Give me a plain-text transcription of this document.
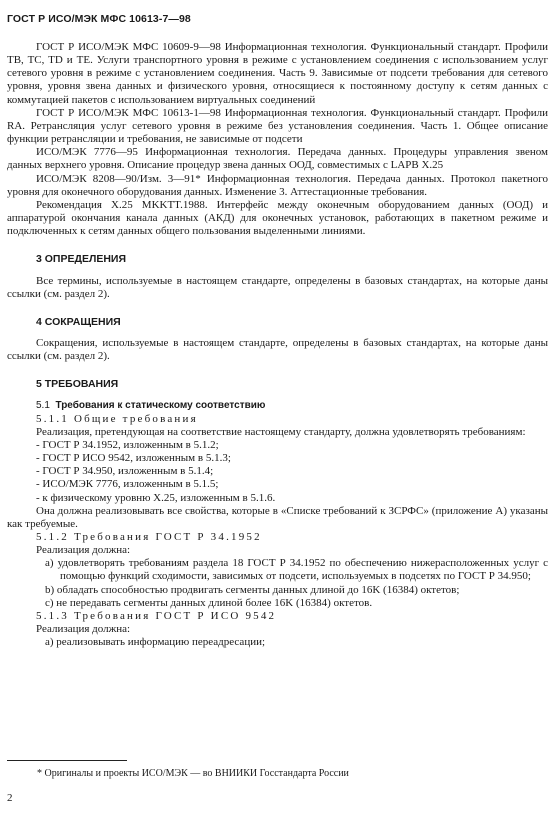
ГОСТ Р ИСО/МЭК МФС 10613-7—98

ГОСТ Р ИСО/МЭК МФС 10609-9—98 Информационная технология. Функциональный стандарт. Профили TB, TC, TD и TE. Услуги транспортного уровня в режиме с установлением соединения с использованием услуг сетевого уровня в режиме с установлением соединения. Часть 9. Зависимые от подсети требования для сетевого уровня, уровня звена данных и физического уровня, относящиеся к постоянному доступу к сетям данных с коммутацией пакетов с использованием виртуальных соединений

ГОСТ Р ИСО/МЭК МФС 10613-1—98 Информационная технология. Функциональный стандарт. Профили RA. Ретрансляция услуг сетевого уровня в режиме без установления соединения. Часть 1. Общее описание функции ретрансляции и требования, не зависимые от подсети

ИСО/МЭК 7776—95 Информационная технология. Передача данных. Процедуры управления звеном данных верхнего уровня. Описание процедур звена данных ООД, совместимых с LAPB X.25

ИСО/МЭК 8208—90/Изм. 3—91* Информационная технология. Передача данных. Протокол пакетного уровня для оконечного оборудования данных. Изменение 3. Аттестационные требования.

Рекомендация X.25 MKKTT.1988. Интерфейс между оконечным оборудованием данных (ООД) и аппаратурой окончания канала данных (АКД) для оконечных установок, работающих в пакетном режиме и подключенных к сетям данных общего пользования выделенными линиями.

3 ОПРЕДЕЛЕНИЯ

Все термины, используемые в настоящем стандарте, определены в базовых стандартах, на которые даны ссылки (см. раздел 2).

4 СОКРАЩЕНИЯ

Сокращения, используемые в настоящем стандарте, определены в базовых стандартах, на которые даны ссылки (см. раздел 2).

5 ТРЕБОВАНИЯ
5.1 Требования к статическому соответствию

5.1.1 Общие требования

Реализация, претендующая на соответствие настоящему стандарту, должна удовлетворять требованиям:

- ГОСТ Р 34.1952, изложенным в 5.1.2;

- ГОСТ Р ИСО 9542, изложенным в 5.1.3;

- ГОСТ Р 34.950, изложенным в 5.1.4;

- ИСО/МЭК 7776, изложенным в 5.1.5;

- к физическому уровню X.25, изложенным в 5.1.6.

Она должна реализовывать все свойства, которые в «Списке требований к ЗСРФС» (приложение А) указаны как требуемые.

5.1.2 Требования ГОСТ Р 34.1952

Реализация должна:

a) удовлетворять требованиям раздела 18 ГОСТ Р 34.1952 по обеспечению нижерасположенных услуг с помощью функций сходимости, зависимых от подсети, используемых в подсетях по ГОСТ Р 34.950;

b) обладать способностью продвигать сегменты данных длиной до 16K (16384) октетов;

c) не передавать сегменты данных длиной более 16K (16384) октетов.

5.1.3 Требования ГОСТ Р ИСО 9542

Реализация должна:

a) реализовывать информацию переадресации;

* Оригиналы и проекты ИСО/МЭК — во ВНИИКИ Госстандарта России
2
